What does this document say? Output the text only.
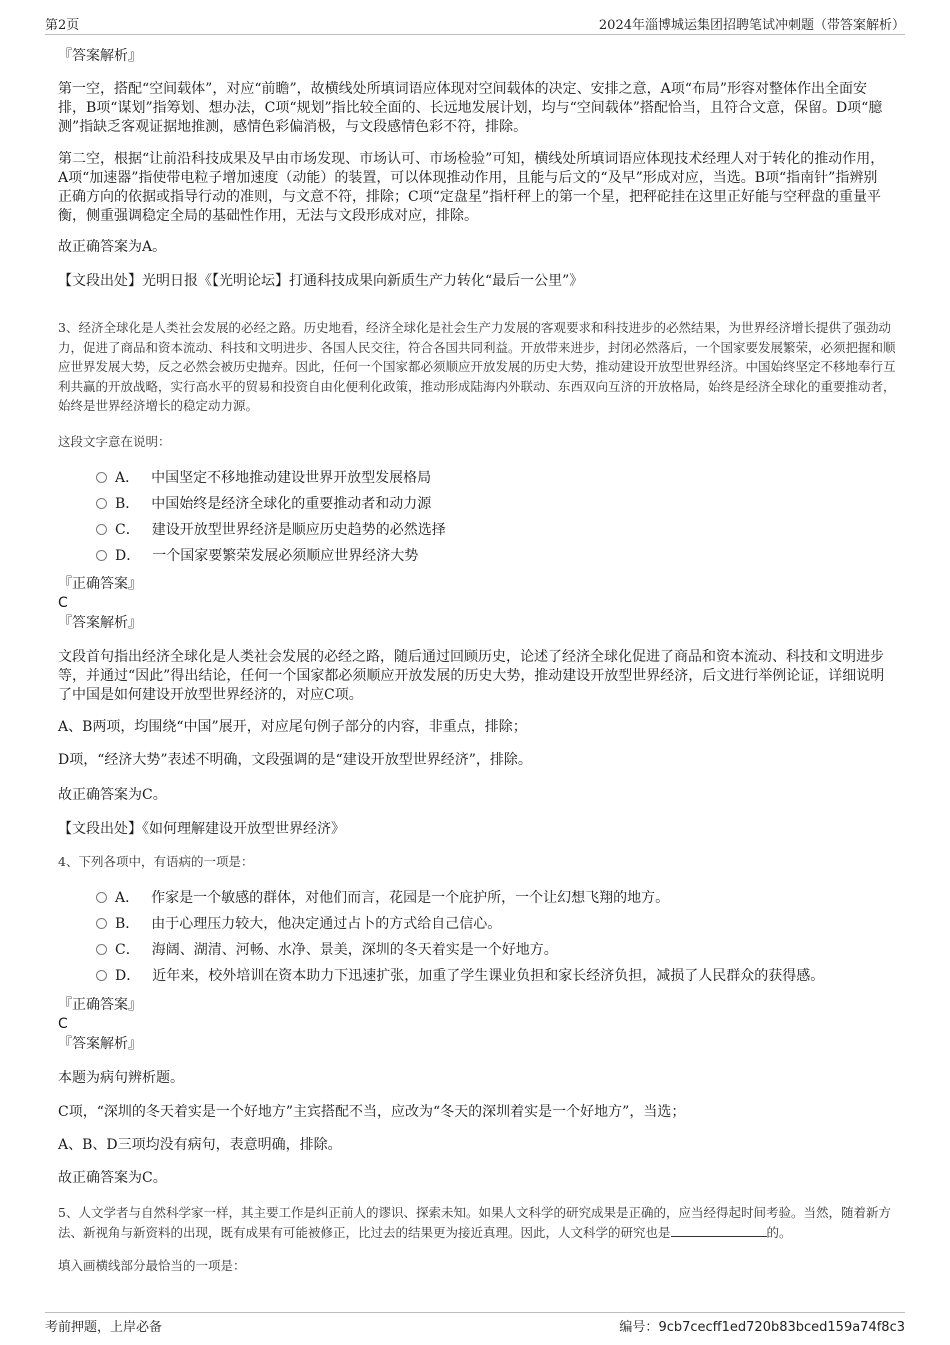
第2页	2024年淄博城运集团招聘笔试冲刺题（带答案解析）
『答案解析』
第一空，搭配“空间载体”，对应“前瞻”，故横线处所填词语应体现对空间载体的决定、安排之意，A项“布局”形容对整体作出全面安排，B项“谋划”指筹划、想办法，C项“规划”指比较全面的、长远地发展计划，均与“空间载体”搭配恰当，且符合文意，保留。D项“臆测”指缺乏客观证据地推测，感情色彩偏消极，与文段感情色彩不符，排除。
第二空，根据“让前沿科技成果及早由市场发现、市场认可、市场检验”可知，横线处所填词语应体现技术经理人对于转化的推动作用，A项“加速器”指使带电粒子增加速度（动能）的装置，可以体现推动作用，且能与后文的“及早”形成对应，当选。B项“指南针”指辨别正确方向的依据或指导行动的准则，与文意不符，排除；C项“定盘星”指杆秤上的第一个星，把秤砣挂在这里正好能与空秤盘的重量平衡，侧重强调稳定全局的基础性作用，无法与文段形成对应，排除。
故正确答案为A。
【文段出处】光明日报《【光明论坛】打通科技成果向新质生产力转化“最后一公里”》
3、经济全球化是人类社会发展的必经之路。历史地看，经济全球化是社会生产力发展的客观要求和科技进步的必然结果，为世界经济增长提供了强劲动力，促进了商品和资本流动、科技和文明进步、各国人民交往，符合各国共同利益。开放带来进步，封闭必然落后，一个国家要发展繁荣，必须把握和顺应世界发展大势，反之必然会被历史抛弃。因此，任何一个国家都必须顺应开放发展的历史大势，推动建设开放型世界经济。中国始终坚定不移地奉行互利共赢的开放战略，实行高水平的贸易和投资自由化便利化政策，推动形成陆海内外联动、东西双向互济的开放格局，始终是经济全球化的重要推动者，始终是世界经济增长的稳定动力源。
这段文字意在说明：
A． 中国坚定不移地推动建设世界开放型发展格局
B． 中国始终是经济全球化的重要推动者和动力源
C． 建设开放型世界经济是顺应历史趋势的必然选择
D． 一个国家要繁荣发展必须顺应世界经济大势
『正确答案』
C
『答案解析』
文段首句指出经济全球化是人类社会发展的必经之路，随后通过回顾历史，论述了经济全球化促进了商品和资本流动、科技和文明进步等，并通过“因此”得出结论，任何一个国家都必须顺应开放发展的历史大势，推动建设开放型世界经济，后文进行举例论证，详细说明了中国是如何建设开放型世界经济的，对应C项。
A、B两项，均围绕“中国”展开，对应尾句例子部分的内容，非重点，排除；
D项，“经济大势”表述不明确，文段强调的是“建设开放型世界经济”，排除。
故正确答案为C。
【文段出处】《如何理解建设开放型世界经济》
4、下列各项中，有语病的一项是：
A． 作家是一个敏感的群体，对他们而言，花园是一个庇护所，一个让幻想飞翔的地方。
B． 由于心理压力较大，他决定通过占卜的方式给自己信心。
C． 海阔、湖清、河畅、水净、景美，深圳的冬天着实是一个好地方。
D． 近年来，校外培训在资本助力下迅速扩张，加重了学生课业负担和家长经济负担，减损了人民群众的获得感。
『正确答案』
C
『答案解析』
本题为病句辨析题。
C项，“深圳的冬天着实是一个好地方”主宾搭配不当，应改为“冬天的深圳着实是一个好地方”，当选；
A、B、D三项均没有病句，表意明确，排除。
故正确答案为C。
5、人文学者与自然科学家一样，其主要工作是纠正前人的谬识、探索未知。如果人文科学的研究成果是正确的，应当经得起时间考验。当然，随着新方法、新视角与新资料的出现，既有成果有可能被修正，比过去的结果更为接近真理。因此，人文科学的研究也是	的。
填入画横线部分最恰当的一项是：
考前押题，上岸必备	编号：9cb7cecff1ed720b83bced159a74f8c3
